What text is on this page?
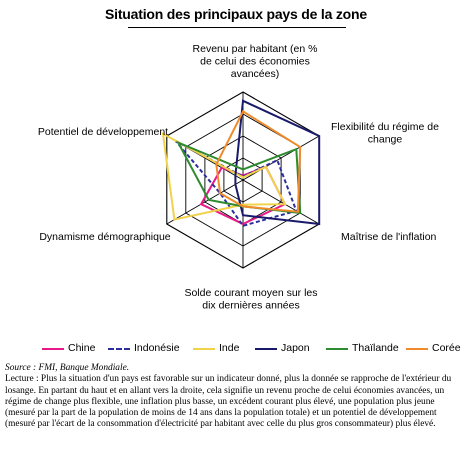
Situation des principaux pays de la zone
Revenu par habitant (en % de celui des économies avancées)
Flexibilité du régime de change
Maîtrise de l'inflation
Solde courant moyen sur les dix dernières années
Dynamisme démographique
Potentiel de développement
Chine	Indonésie	Inde	Japon	Thaïlande	Corée
Source : FMI, Banque Mondiale.
Lecture : Plus la situation d'un pays est favorable sur un indicateur donné, plus la donnée se rapproche de l'extérieur du losange. En partant du haut et en allant vers la droite, cela signifie un revenu proche de celui économies avancées, un régime de change plus flexible, une inflation plus basse, un excédent courant plus élevé, une population plus jeune (mesuré par la part de la population de moins de 14 ans dans la population totale) et un potentiel de développement (mesuré par l'écart de la consommation d'électricité par habitant avec celle du plus gros consommateur) plus élevé.
